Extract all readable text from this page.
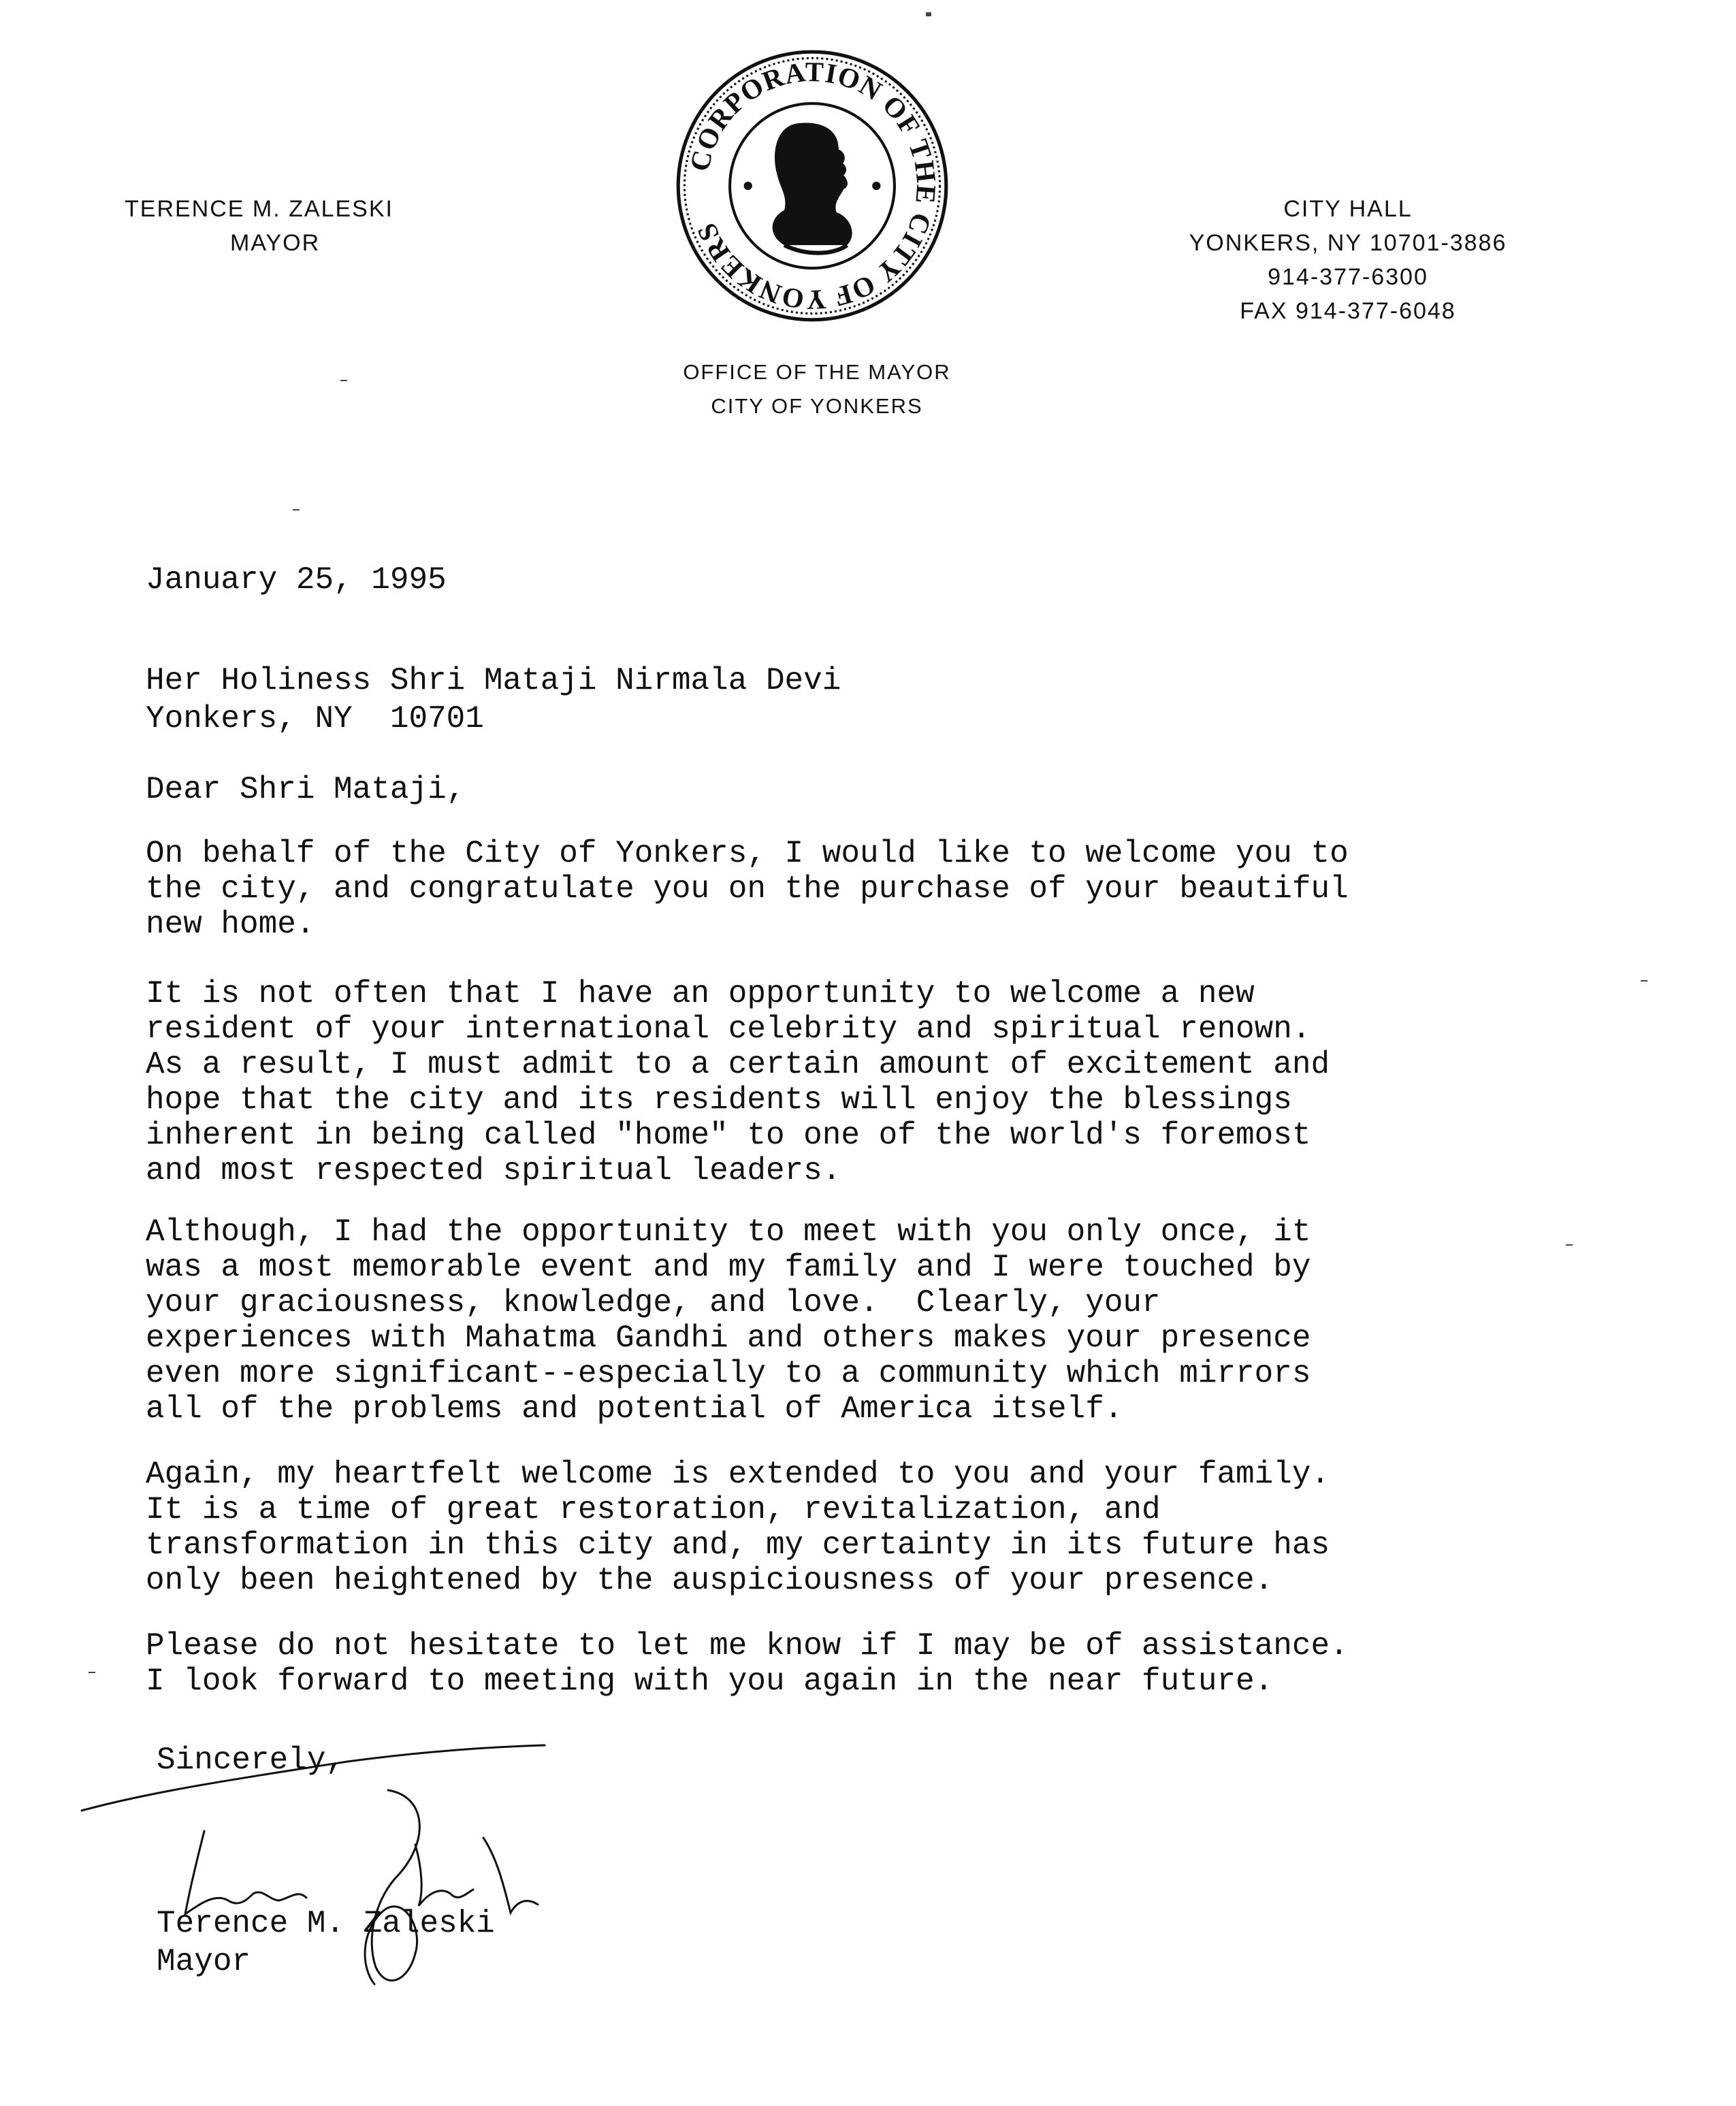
TERENCE M. ZALESKI
MAYOR
CORPORATION OF THE CITY OF YONKERS
CITY HALL
YONKERS, NY 10701-3886
914-377-6300
FAX 914-377-6048
OFFICE OF THE MAYOR
CITY OF YONKERS
January 25, 1995
Her Holiness Shri Mataji Nirmala Devi
Yonkers, NY  10701
Dear Shri Mataji,
On behalf of the City of Yonkers, I would like to welcome you to
the city, and congratulate you on the purchase of your beautiful
new home.
It is not often that I have an opportunity to welcome a new
resident of your international celebrity and spiritual renown.
As a result, I must admit to a certain amount of excitement and
hope that the city and its residents will enjoy the blessings
inherent in being called "home" to one of the world's foremost
and most respected spiritual leaders.
Although, I had the opportunity to meet with you only once, it
was a most memorable event and my family and I were touched by
your graciousness, knowledge, and love.  Clearly, your
experiences with Mahatma Gandhi and others makes your presence
even more significant--especially to a community which mirrors
all of the problems and potential of America itself.
Again, my heartfelt welcome is extended to you and your family.
It is a time of great restoration, revitalization, and
transformation in this city and, my certainty in its future has
only been heightened by the auspiciousness of your presence.
Please do not hesitate to let me know if I may be of assistance.
I look forward to meeting with you again in the near future.
Sincerely,
Terence M. Zaleski
Mayor
